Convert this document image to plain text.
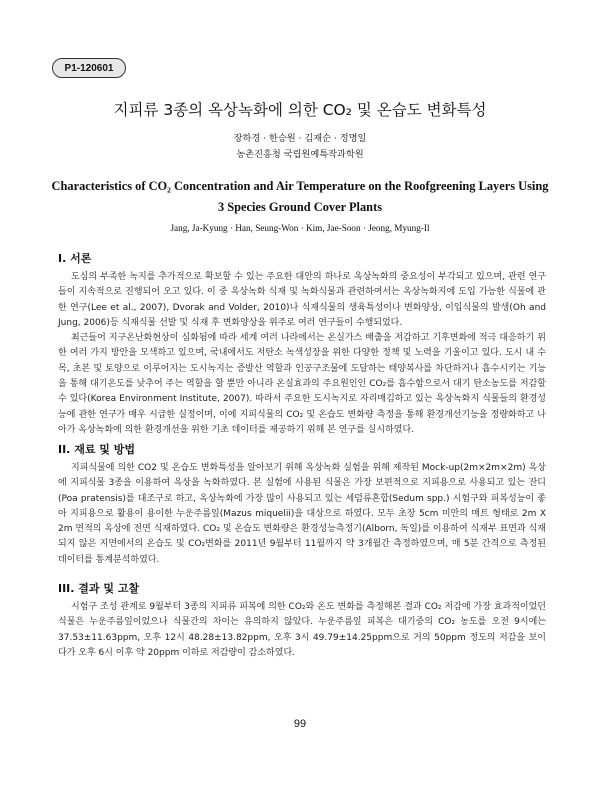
P1-120601
지피류 3종의 옥상녹화에 의한 CO₂ 및 온습도 변화특성
장하경 · 한승원 · 김재순 · 정명일
농촌진흥청 국립원예특작과학원
Characteristics of CO₂ Concentration and Air Temperature on the Roofgreening Layers Using 3 Species Ground Cover Plants
Jang, Ja-Kyung · Han, Seung-Won · Kim, Jae-Soon · Jeong, Myung-Il
I. 서론

도심의 부족한 녹지를 추가적으로 확보할 수 있는 주요한 대안의 하나로 옥상녹화의 중요성이 부각되고 있으며, 관련 연구들이 지속적으로 진행되어 오고 있다. 이 중 옥상녹화 식재 및 녹화식물과 관련하여서는 옥상녹화지에 도입 가능한 식물에 관한 연구(Lee et al., 2007), Dvorak and Volder, 2010)나 식재식물의 생육특성이나 변화양상, 이입식물의 발생(Oh and Jung, 2006)등 식재식물 선발 및 식재 후 변화양상을 위주로 여러 연구들이 수행되었다.

최근들어 지구온난화현상이 심화됨에 따라 세계 여러 나라에서는 온실가스 배출을 저감하고 기후변화에 적극 대응하기 위한 여러 가지 방안을 모색하고 있으며, 국내에서도 저탄소 녹색성장을 위한 다양한 정책 및 노력을 기울이고 있다. 도시 내 수목, 초본 및 토양으로 이루어지는 도시녹지는 증발산 역할과 인공구조물에 도달하는 태양복사를 차단하거나 흡수시키는 기능을 통해 대기온도를 낮추어 주는 역할을 할 뿐만 아니라 온실효과의 주요원인인 CO₂를 흡수함으로서 대기 탄소농도를 저감할 수 있다(Korea Environment Institute, 2007). 따라서 주요한 도시녹지로 자리매김하고 있는 옥상녹화지 식물들의 환경성능에 관한 연구가 매우 시급한 실정이며, 이에 지피식물의 CO₂ 및 온습도 변화량 측정을 통해 환경개선기능을 정량화하고 나아가 옥상녹화에 의한 환경개선을 위한 기초 데이터를 제공하기 위해 본 연구를 실시하였다.

II. 재료 및 방법

지피식물에 의한 CO2 및 온습도 변화특성을 알아보기 위해 옥상녹화 실험을 위해 제작된 Mock-up(2m×2m×2m) 옥상에 지피식물 3종을 이용하여 옥상을 녹화하였다. 본 실험에 사용된 식물은 가장 보편적으로 지피용으로 사용되고 있는 잔디(Poa pratensis)를 대조구로 하고, 옥상녹화에 가장 많이 사용되고 있는 세덤류혼합(Sedum spp.) 시험구와 피복성능이 좋아 지피용으로 활용이 용이한 누운주름잎(Mazus miquelii)을 대상으로 하였다. 모두 초장 5cm 미만의 매트 형태로 2m X 2m 면적의 옥상에 전면 식재하였다. CO₂ 및 온습도 변화량은 환경성능측정기(Alborn, 독일)를 이용하여 식재부 표면과 식재 되지 않은 지면에서의 온습도 및 CO₂변화를 2011년 9월부터 11월까지 약 3개월간 측정하였으며, 매 5분 간격으로 측정된 데이터를 통계분석하였다.

III. 결과 및 고찰

시험구 조성 관계로 9월부터 3종의 지피류 피복에 의한 CO₂와 온도 변화를 측정해본 결과 CO₂ 저감에 가장 효과적이었던 식물은 누운주름잎이었으나 식물간의 차이는 유의하지 않았다. 누운주름잎 피복은 대기중의 CO₂ 농도를 오전 9시에는 37.53±11.63ppm, 오후 12시 48.28±13.82ppm, 오후 3시 49.79±14.25ppm으로 거의 50ppm 정도의 저감을 보이다가 오후 6시 이후 약 20ppm 이하로 저감량이 감소하였다.

99
